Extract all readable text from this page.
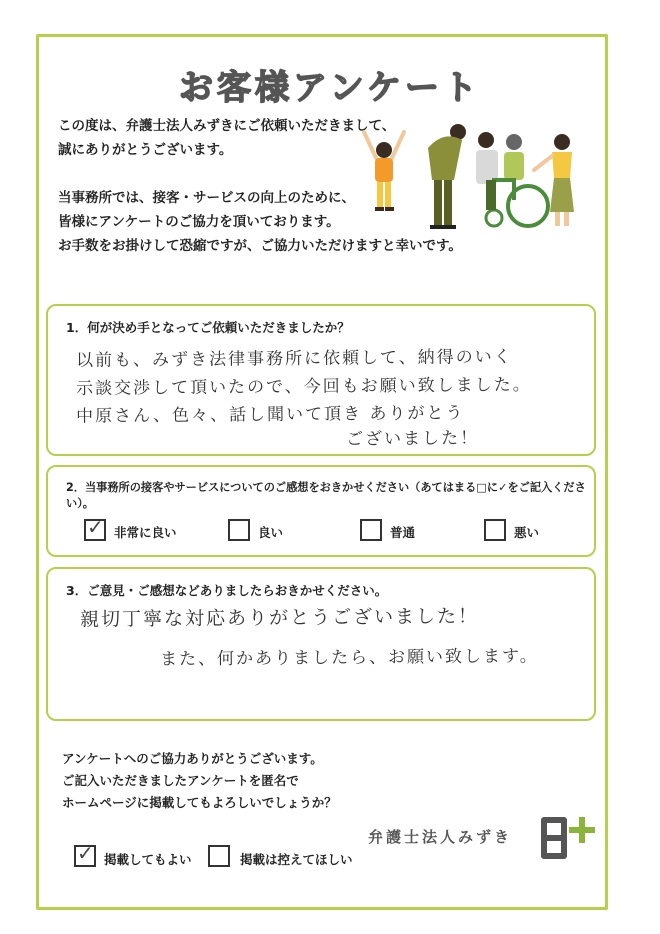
お客様アンケート
この度は、弁護士法人みずきにご依頼いただきまして、
誠にありがとうございます。
当事務所では、接客・サービスの向上のために、
皆様にアンケートのご協力を頂いております。
お手数をお掛けして恐縮ですが、ご協力いただけますと幸いです。
1．何が決め手となってご依頼いただきましたか？
以前も、みずき法律事務所に依頼して、納得のいく
示談交渉して頂いたので、今回もお願い致しました。
中原さん、色々、話し聞いて頂き ありがとう
ございました！
2．当事務所の接客やサービスについてのご感想をおきかせください（あてはまる□に✓をご記入ください）。
✓ 非常に良い	良い	普通	悪い
3．ご意見・ご感想などありましたらおきかせください。
親切丁寧な対応ありがとうございました！
また、何かありましたら、お願い致します。
アンケートへのご協力ありがとうございます。
ご記入いただきましたアンケートを匿名で
ホームページに掲載してもよろしいでしょうか？
✓ 掲載してもよい	掲載は控えてほしい
弁護士法人みずき
